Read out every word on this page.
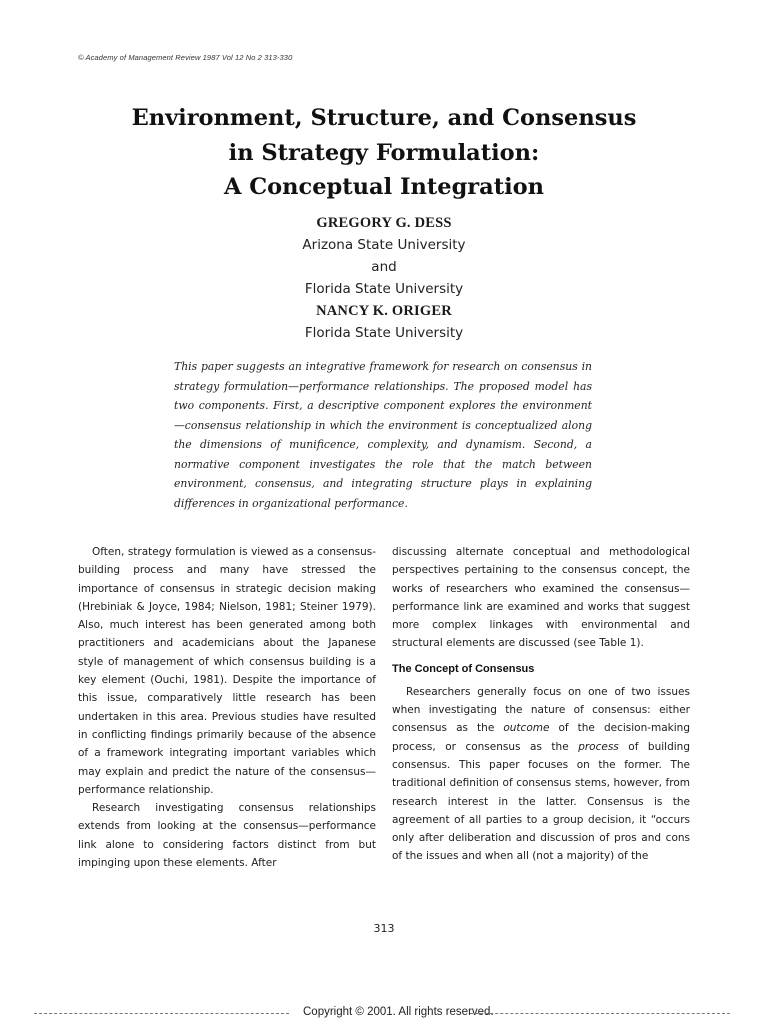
© Academy of Management Review 1987 Vol 12 No 2 313-330
Environment, Structure, and Consensus
in Strategy Formulation:
A Conceptual Integration
GREGORY G. DESS
Arizona State University
and
Florida State University
NANCY K. ORIGER
Florida State University

This paper suggests an integrative framework for research on consensus in strategy formulation—performance relationships. The proposed model has two components. First, a descriptive component explores the environment—consensus relationship in which the environment is conceptualized along the dimensions of munificence, complexity, and dynamism. Second, a normative component investigates the role that the match between environment, consensus, and integrating structure plays in explaining differences in organizational performance.

Often, strategy formulation is viewed as a consensus-building process and many have stressed the importance of consensus in strategic decision making (Hrebiniak & Joyce, 1984; Nielson, 1981; Steiner 1979). Also, much interest has been generated among both practitioners and academicians about the Japanese style of management of which consensus building is a key element (Ouchi, 1981). Despite the importance of this issue, comparatively little research has been undertaken in this area. Previous studies have resulted in conflicting findings primarily because of the absence of a framework integrating important variables which may explain and predict the nature of the consensus—performance relationship.

Research investigating consensus relationships extends from looking at the consensus—performance link alone to considering factors distinct from but impinging upon these elements. After

discussing alternate conceptual and methodological perspectives pertaining to the consensus concept, the works of researchers who examined the consensus—performance link are examined and works that suggest more complex linkages with environmental and structural elements are discussed (see Table 1).

The Concept of Consensus

Researchers generally focus on one of two issues when investigating the nature of consensus: either consensus as the outcome of the decision-making process, or consensus as the process of building consensus. This paper focuses on the former. The traditional definition of consensus stems, however, from research interest in the latter. Consensus is the agreement of all parties to a group decision, it “occurs only after deliberation and discussion of pros and cons of the issues and when all (not a majority) of the

313
Copyright © 2001. All rights reserved.
